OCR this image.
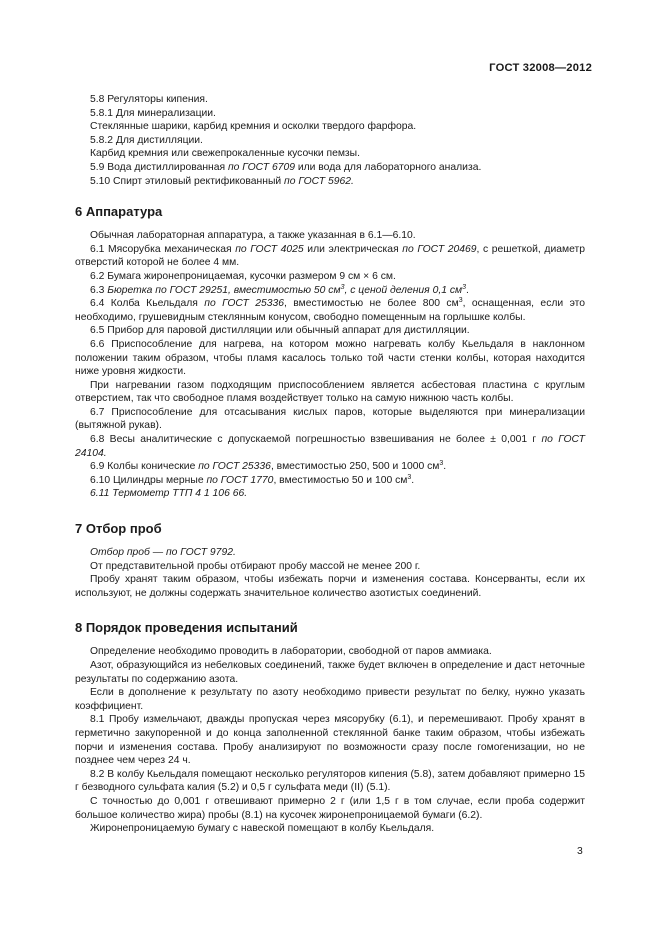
ГОСТ 32008—2012

5.8 Регуляторы кипения.

5.8.1 Для минерализации.

Стеклянные шарики, карбид кремния и осколки твердого фарфора.

5.8.2 Для дистилляции.

Карбид кремния или свежепрокаленные кусочки пемзы.

5.9 Вода дистиллированная по ГОСТ 6709 или вода для лабораторного анализа.

5.10 Спирт этиловый ректификованный по ГОСТ 5962.

6 Аппаратура

Обычная лабораторная аппаратура, а также указанная в 6.1—6.10.

6.1 Мясорубка механическая по ГОСТ 4025 или электрическая по ГОСТ 20469, с решеткой, диаметр отверстий которой не более 4 мм.

6.2 Бумага жиронепроницаемая, кусочки размером 9 см × 6 см.

6.3 Бюретка по ГОСТ 29251, вместимостью 50 $см^3$, с ценой деления 0,1 $см^3$.

6.4 Колба Кьельдаля по ГОСТ 25336, вместимостью не более 800 $см^3$, оснащенная, если это необходимо, грушевидным стеклянным конусом, свободно помещенным на горлышке колбы.

6.5 Прибор для паровой дистилляции или обычный аппарат для дистилляции.

6.6 Приспособление для нагрева, на котором можно нагревать колбу Кьельдаля в наклонном положении таким образом, чтобы пламя касалось только той части стенки колбы, которая находится ниже уровня жидкости.

При нагревании газом подходящим приспособлением является асбестовая пластина с круглым отверстием, так что свободное пламя воздействует только на самую нижнюю часть колбы.

6.7 Приспособление для отсасывания кислых паров, которые выделяются при минерализации (вытяжной рукав).

6.8 Весы аналитические с допускаемой погрешностью взвешивания не более ± 0,001 г по ГОСТ 24104.

6.9 Колбы конические по ГОСТ 25336, вместимостью 250, 500 и 1000 $см^3$.

6.10 Цилиндры мерные по ГОСТ 1770, вместимостью 50 и 100 $см^3$.

6.11 Термометр ТТП 4 1 106 66.

7 Отбор проб

Отбор проб — по ГОСТ 9792.

От представительной пробы отбирают пробу массой не менее 200 г.

Пробу хранят таким образом, чтобы избежать порчи и изменения состава. Консерванты, если их используют, не должны содержать значительное количество азотистых соединений.

8 Порядок проведения испытаний

Определение необходимо проводить в лаборатории, свободной от паров аммиака.

Азот, образующийся из небелковых соединений, также будет включен в определение и даст неточные результаты по содержанию азота.

Если в дополнение к результату по азоту необходимо привести результат по белку, нужно указать коэффициент.

8.1 Пробу измельчают, дважды пропуская через мясорубку (6.1), и перемешивают. Пробу хранят в герметично закупоренной и до конца заполненной стеклянной банке таким образом, чтобы избежать порчи и изменения состава. Пробу анализируют по возможности сразу после гомогенизации, но не позднее чем через 24 ч.

8.2 В колбу Кьельдаля помещают несколько регуляторов кипения (5.8), затем добавляют примерно 15 г безводного сульфата калия (5.2) и 0,5 г сульфата меди (II) (5.1).

С точностью до 0,001 г отвешивают примерно 2 г (или 1,5 г в том случае, если проба содержит большое количество жира) пробы (8.1) на кусочек жиронепроницаемой бумаги (6.2).

Жиронепроницаемую бумагу с навеской помещают в колбу Кьельдаля.

3
